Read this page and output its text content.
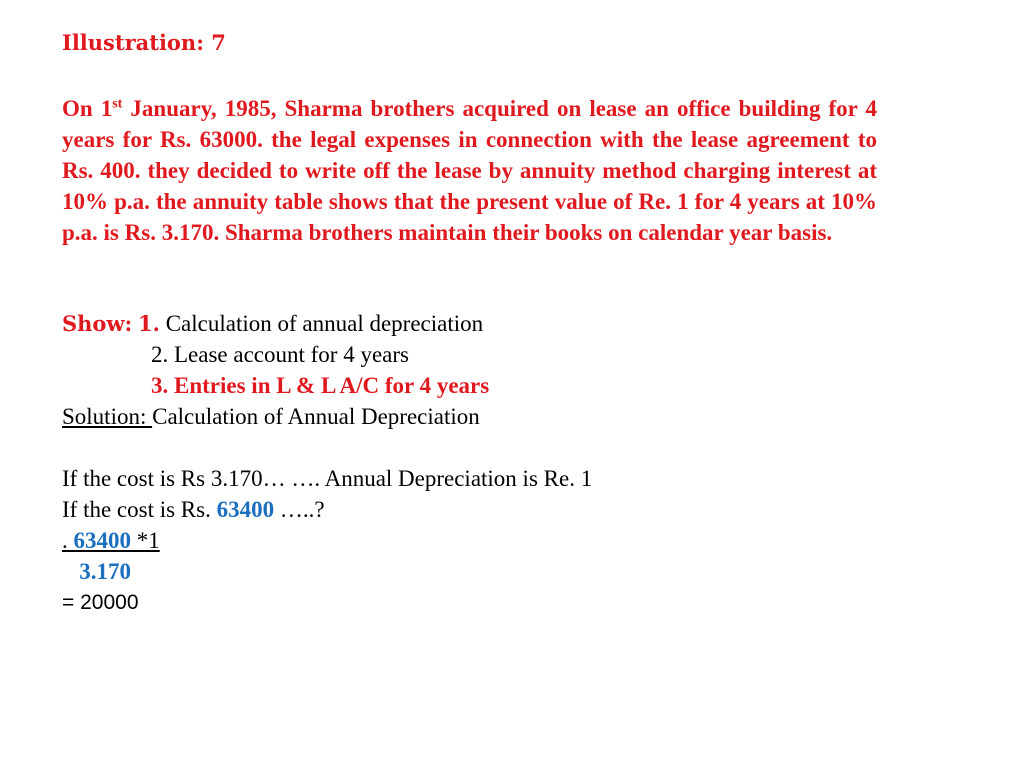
Illustration: 7

On 1st January, 1985, Sharma brothers acquired on lease an office building for 4 years for Rs. 63000. the legal expenses in connection with the lease agreement to Rs. 400. they decided to write off the lease by annuity method charging interest at 10% p.a. the annuity table shows that the present value of Re. 1 for 4 years at 10% p.a. is Rs. 3.170. Sharma brothers maintain their books on calendar year basis.

Show: 1. Calculation of annual depreciation
2. Lease account for 4 years
3. Entries in L & L A/C for 4 years
Solution: Calculation of Annual Depreciation
If the cost is Rs 3.170… …. Annual Depreciation is Re. 1
If the cost is Rs. 63400 …..?
. 63400 *1
3.170
= 20000
